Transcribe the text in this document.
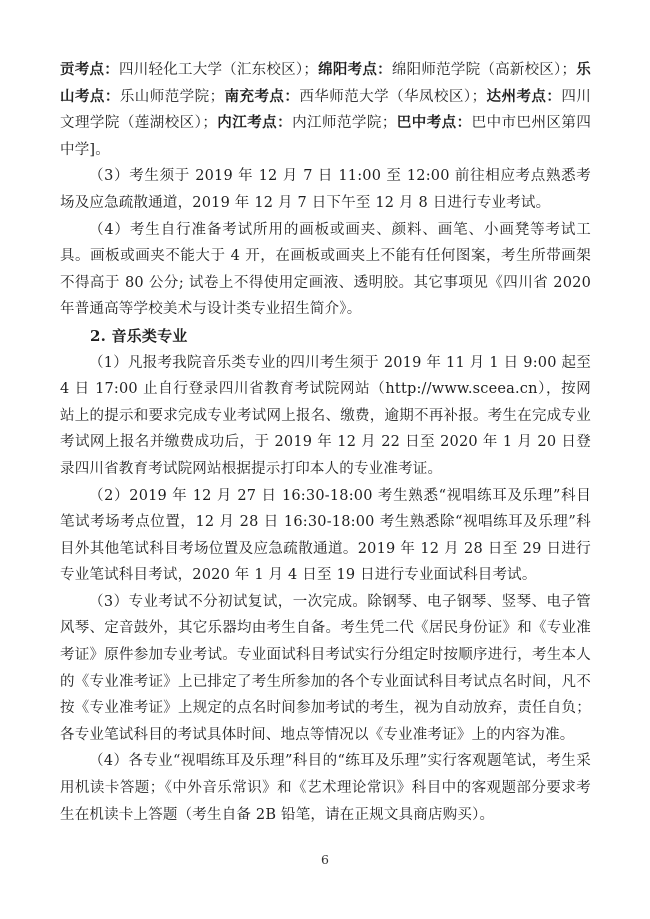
贡考点：四川轻化工大学（汇东校区）；绵阳考点：绵阳师范学院（高新校区）；乐山考点：乐山师范学院；南充考点：西华师范大学（华凤校区）；达州考点：四川文理学院（莲湖校区）；内江考点：内江师范学院；巴中考点：巴中市巴州区第四中学]。

（3）考生须于 2019 年 12 月 7 日 11:00 至 12:00 前往相应考点熟悉考场及应急疏散通道，2019 年 12 月 7 日下午至 12 月 8 日进行专业考试。

（4）考生自行准备考试所用的画板或画夹、颜料、画笔、小画凳等考试工具。画板或画夹不能大于 4 开，在画板或画夹上不能有任何图案，考生所带画架不得高于 80 公分; 试卷上不得使用定画液、透明胶。其它事项见《四川省 2020 年普通高等学校美术与设计类专业招生简介》。

2. 音乐类专业

（1）凡报考我院音乐类专业的四川考生须于 2019 年 11 月 1 日 9:00 起至 4 日 17:00 止自行登录四川省教育考试院网站（http://www.sceea.cn），按网站上的提示和要求完成专业考试网上报名、缴费，逾期不再补报。考生在完成专业考试网上报名并缴费成功后，于 2019 年 12 月 22 日至 2020 年 1 月 20 日登录四川省教育考试院网站根据提示打印本人的专业准考证。

（2）2019 年 12 月 27 日 16:30-18:00 考生熟悉“视唱练耳及乐理”科目笔试考场考点位置，12 月 28 日 16:30-18:00 考生熟悉除“视唱练耳及乐理”科目外其他笔试科目考场位置及应急疏散通道。2019 年 12 月 28 日至 29 日进行专业笔试科目考试，2020 年 1 月 4 日至 19 日进行专业面试科目考试。

（3）专业考试不分初试复试，一次完成。除钢琴、电子钢琴、竖琴、电子管风琴、定音鼓外，其它乐器均由考生自备。考生凭二代《居民身份证》和《专业准考证》原件参加专业考试。专业面试科目考试实行分组定时按顺序进行，考生本人的《专业准考证》上已排定了考生所参加的各个专业面试科目考试点名时间，凡不按《专业准考证》上规定的点名时间参加考试的考生，视为自动放弃，责任自负；各专业笔试科目的考试具体时间、地点等情况以《专业准考证》上的内容为准。

（4）各专业“视唱练耳及乐理”科目的“练耳及乐理”实行客观题笔试，考生采用机读卡答题；《中外音乐常识》和《艺术理论常识》科目中的客观题部分要求考生在机读卡上答题（考生自备 2B 铅笔，请在正规文具商店购买）。

6
